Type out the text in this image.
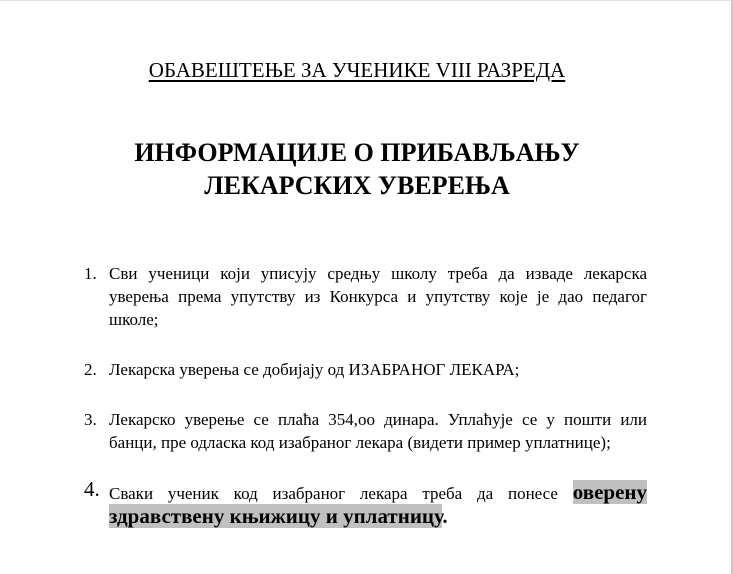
ОБАВЕШТЕЊЕ ЗА УЧЕНИКЕ VIII РАЗРЕДА
ИНФОРМАЦИЈЕ О ПРИБАВЉАЊУ
ЛЕКАРСКИХ УВЕРЕЊА
1. Сви ученици који уписују средњу школу треба да изваде лекарска уверења према упутству из Конкурса и упутству које је дао педагог школе;
2. Лекарска уверења се добијају од ИЗАБРАНОГ ЛЕКАРА;
3. Лекарско уверење се плаћа 354,оо динара. Уплаћује се у пошти или банци, пре одласка код изабраног лекара (видети пример уплатнице);
4. Сваки ученик код изабраног лекара треба да понесе оверену здравствену књижицу и уплатницу.
